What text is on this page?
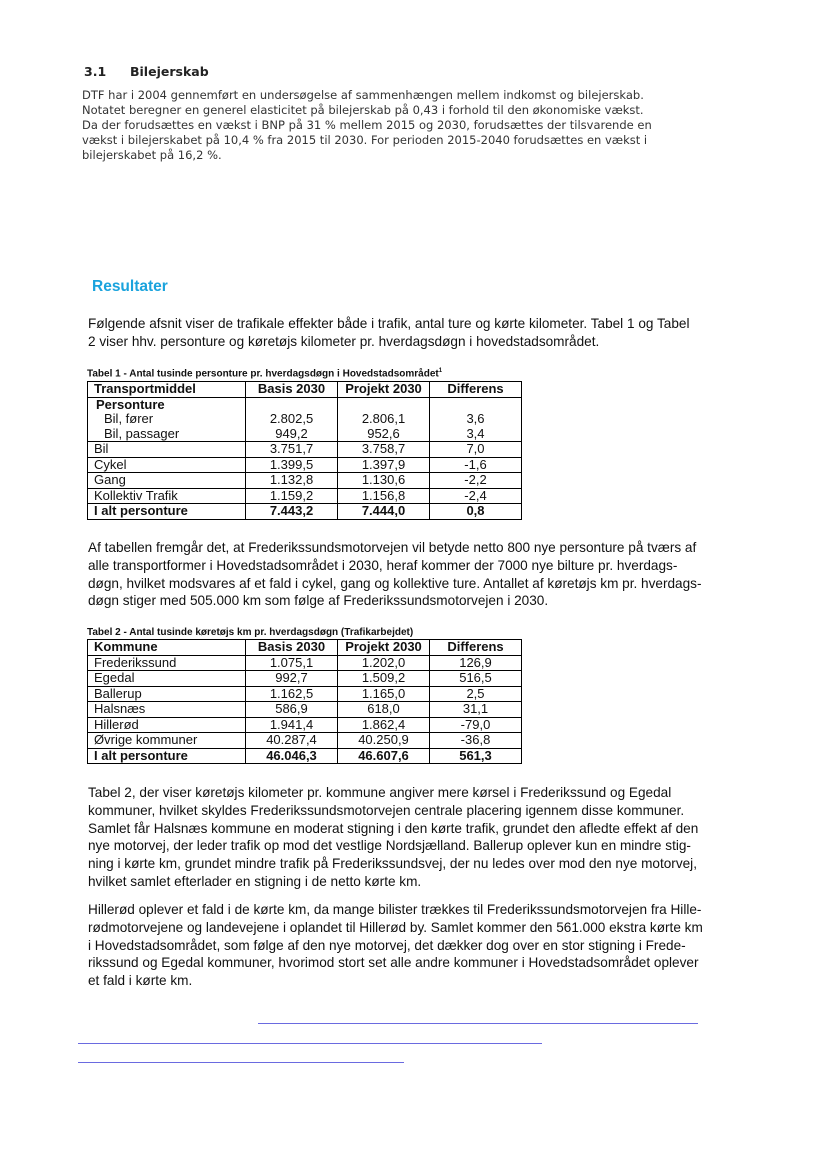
3.1 Bilejerskab
DTF har i 2004 gennemført en undersøgelse af sammenhængen mellem indkomst og bilejerskab.
Notatet beregner en generel elasticitet på bilejerskab på 0,43 i forhold til den økonomiske vækst.
Da der forudsættes en vækst i BNP på 31 % mellem 2015 og 2030, forudsættes der tilsvarende en
vækst i bilejerskabet på 10,4 % fra 2015 til 2030. For perioden 2015-2040 forudsættes en vækst i
bilejerskabet på 16,2 %.
Resultater
Følgende afsnit viser de trafikale effekter både i trafik, antal ture og kørte kilometer. Tabel 1 og Tabel
2 viser hhv. personture og køretøjs kilometer pr. hverdagsdøgn i hovedstadsområdet.
Tabel 1 - Antal tusinde personture pr. hverdagsdøgn i Hovedstadsområdet$^1$
Transportmiddel	Basis 2030	Projekt 2030	Differens
Personture			
Bil, fører	2.802,5	2.806,1	3,6
Bil, passager	949,2	952,6	3,4
Bil	3.751,7	3.758,7	7,0
Cykel	1.399,5	1.397,9	-1,6
Gang	1.132,8	1.130,6	-2,2
Kollektiv Trafik	1.159,2	1.156,8	-2,4
I alt personture	7.443,2	7.444,0	0,8
Af tabellen fremgår det, at Frederikssundsmotorvejen vil betyde netto 800 nye personture på tværs af
alle transportformer i Hovedstadsområdet i 2030, heraf kommer der 7000 nye bilture pr. hverdags-
døgn, hvilket modsvares af et fald i cykel, gang og kollektive ture. Antallet af køretøjs km pr. hverdags-
døgn stiger med 505.000 km som følge af Frederikssundsmotorvejen i 2030.
Tabel 2 - Antal tusinde køretøjs km pr. hverdagsdøgn (Trafikarbejdet)
Kommune	Basis 2030	Projekt 2030	Differens
Frederikssund	1.075,1	1.202,0	126,9
Egedal	992,7	1.509,2	516,5
Ballerup	1.162,5	1.165,0	2,5
Halsnæs	586,9	618,0	31,1
Hillerød	1.941,4	1.862,4	-79,0
Øvrige kommuner	40.287,4	40.250,9	-36,8
I alt personture	46.046,3	46.607,6	561,3
Tabel 2, der viser køretøjs kilometer pr. kommune angiver mere kørsel i Frederikssund og Egedal
kommuner, hvilket skyldes Frederikssundsmotorvejen centrale placering igennem disse kommuner.
Samlet får Halsnæs kommune en moderat stigning i den kørte trafik, grundet den afledte effekt af den
nye motorvej, der leder trafik op mod det vestlige Nordsjælland. Ballerup oplever kun en mindre stig-
ning i kørte km, grundet mindre trafik på Frederikssundsvej, der nu ledes over mod den nye motorvej,
hvilket samlet efterlader en stigning i de netto kørte km.
Hillerød oplever et fald i de kørte km, da mange bilister trækkes til Frederikssundsmotorvejen fra Hille-
rødmotorvejene og landevejene i oplandet til Hillerød by. Samlet kommer den 561.000 ekstra kørte km
i Hovedstadsområdet, som følge af den nye motorvej, det dækker dog over en stor stigning i Frede-
rikssund og Egedal kommuner, hvorimod stort set alle andre kommuner i Hovedstadsområdet oplever
et fald i kørte km.
